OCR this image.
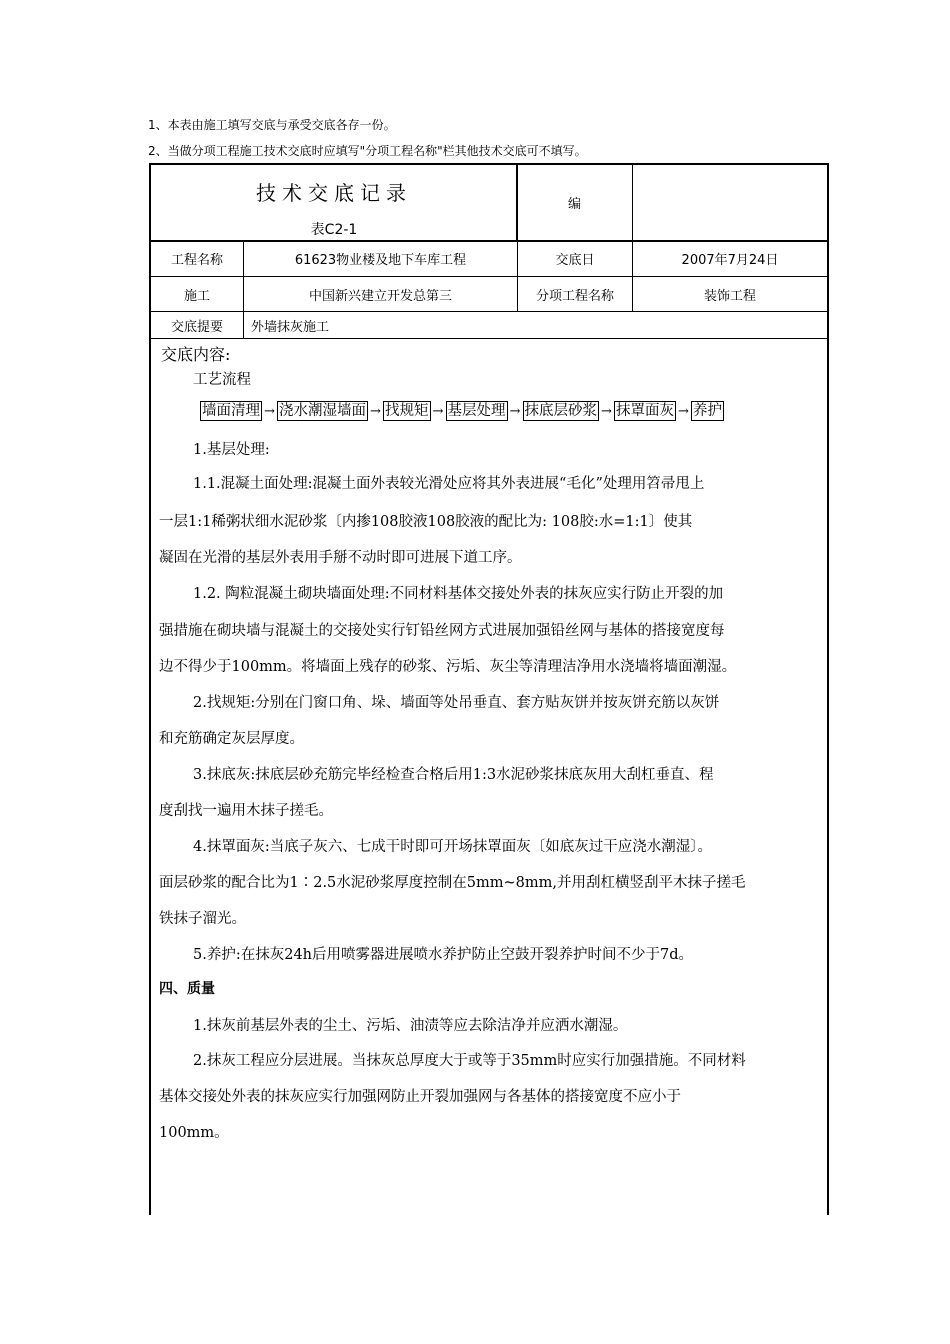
1、本表由施工填写交底与承受交底各存一份。
2、当做分项工程施工技术交底时应填写"分项工程名称"栏其他技术交底可不填写。
技术交底记录
表C2-1
编
工程名称	61623物业楼及地下车库工程	交底日	2007年7月24日
施工	中国新兴建立开发总第三	分项工程名称	装饰工程
交底提要	外墙抹灰施工
交底内容:
工艺流程
墙面清理 → 浇水潮湿墙面 → 找规矩 → 基层处理 → 抹底层砂浆 → 抹罩面灰 → 养护
1.基层处理:
1.1.混凝土面处理:混凝土面外表较光滑处应将其外表进展“毛化”处理用笤帚甩上
一层1:1稀粥状细水泥砂浆〔内掺108胶液108胶液的配比为: 108胶:水=1:1〕使其
凝固在光滑的基层外表用手掰不动时即可进展下道工序。
1.2. 陶粒混凝土砌块墙面处理:不同材料基体交接处外表的抹灰应实行防止开裂的加
强措施在砌块墙与混凝土的交接处实行钉铅丝网方式进展加强铅丝网与基体的搭接宽度每
边不得少于100mm。将墙面上残存的砂浆、污垢、灰尘等清理洁净用水浇墙将墙面潮湿。
2.找规矩:分别在门窗口角、垛、墙面等处吊垂直、套方贴灰饼并按灰饼充筋以灰饼
和充筋确定灰层厚度。
3.抹底灰:抹底层砂充筋完毕经检查合格后用1:3水泥砂浆抹底灰用大刮杠垂直、程
度刮找一遍用木抹子搓毛。
4.抹罩面灰:当底子灰六、七成干时即可开场抹罩面灰〔如底灰过干应浇水潮湿〕。
面层砂浆的配合比为1∶2.5水泥砂浆厚度控制在5mm~8mm,并用刮杠横竖刮平木抹子搓毛
铁抹子溜光。
5.养护:在抹灰24h后用喷雾器进展喷水养护防止空鼓开裂养护时间不少于7d。
四、质量
1.抹灰前基层外表的尘土、污垢、油渍等应去除洁净并应洒水潮湿。
2.抹灰工程应分层进展。当抹灰总厚度大于或等于35mm时应实行加强措施。不同材料
基体交接处外表的抹灰应实行加强网防止开裂加强网与各基体的搭接宽度不应小于
100mm。
